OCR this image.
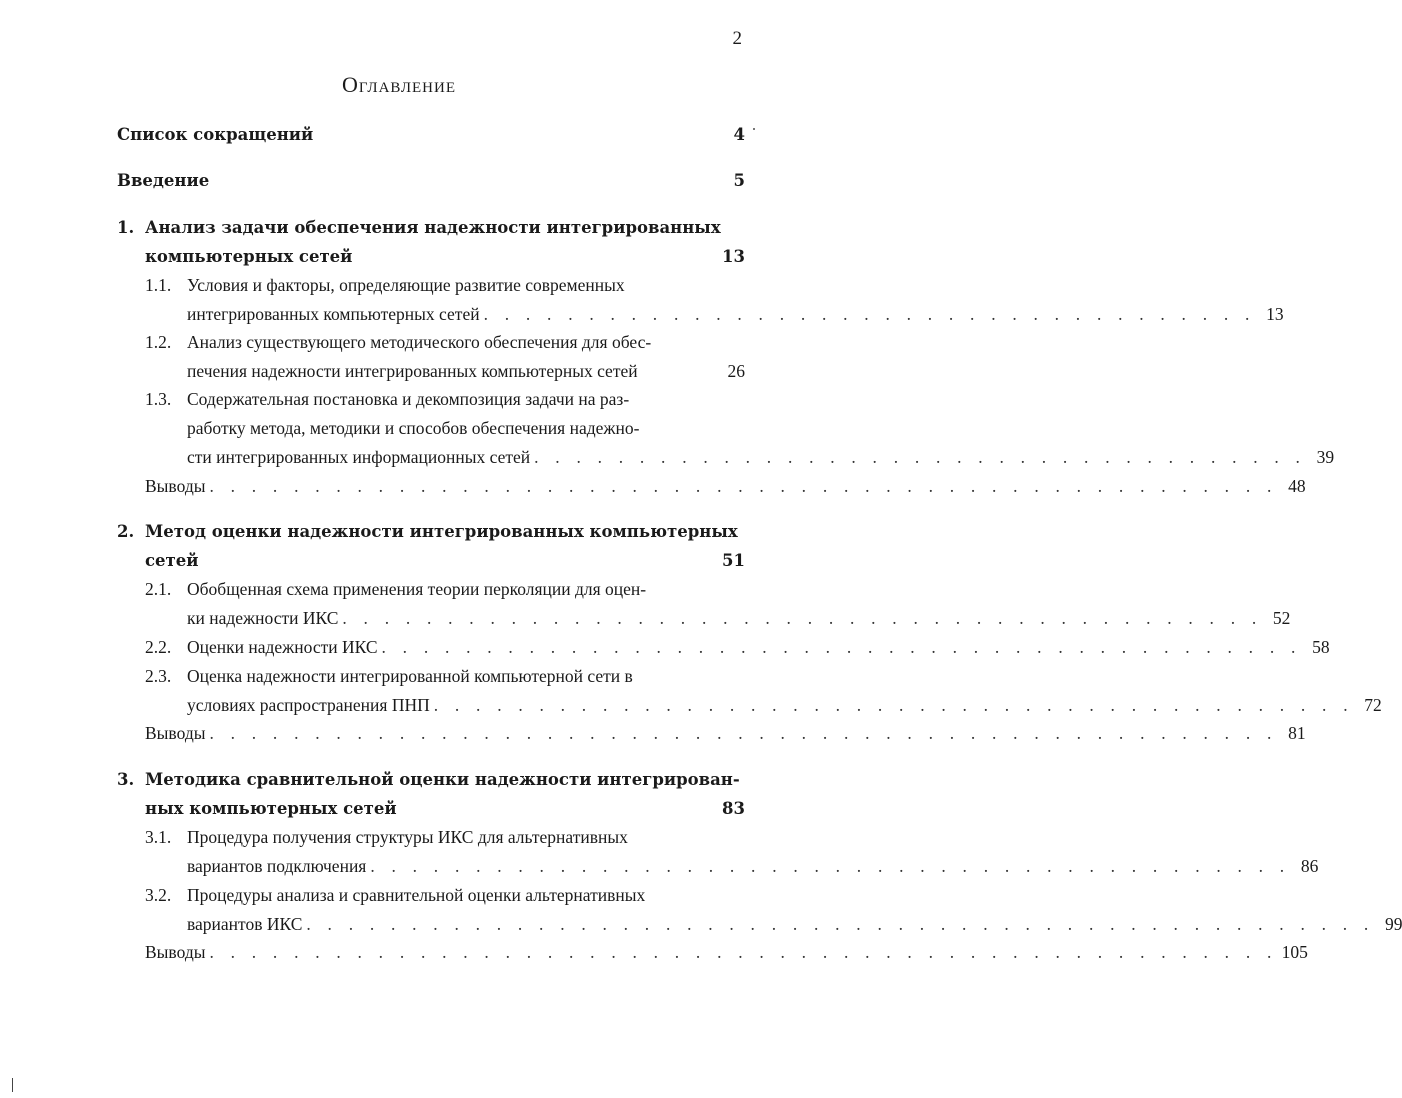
2
Оглавление
Список сокращений	4
Введение	5
1. Анализ задачи обеспечения надежности интегрированных
компьютерных сетей	13
1.1. Условия и факторы, определяющие развитие современных
интегрированных компьютерных сетей . . . . . . . . . . . . . . . . . . . . . . . . . . . . . . . . . . . . . 13
1.2. Анализ существующего методического обеспечения для обес-
печения надежности интегрированных компьютерных сетей	26
1.3. Содержательная постановка и декомпозиция задачи на раз-
работку метода, методики и способов обеспечения надежно-
сти интегрированных информационных сетей . . . . . . . . . . . . . . . . . . . . . . . . . . . . . . . . . . . . . 39
Выводы . . . . . . . . . . . . . . . . . . . . . . . . . . . . . . . . . . . . . . . . . . . . . . . . . . . 48
2. Метод оценки надежности интегрированных компьютерных
сетей	51
2.1. Обобщенная схема применения теории перколяции для оцен-
ки надежности ИКС . . . . . . . . . . . . . . . . . . . . . . . . . . . . . . . . . . . . . . . . . . . . 52
2.2. Оценки надежности ИКС . . . . . . . . . . . . . . . . . . . . . . . . . . . . . . . . . . . . . . . . . . . . 58
2.3. Оценка надежности интегрированной компьютерной сети в
условиях распространения ПНП . . . . . . . . . . . . . . . . . . . . . . . . . . . . . . . . . . . . . . . . . . . . 72
Выводы . . . . . . . . . . . . . . . . . . . . . . . . . . . . . . . . . . . . . . . . . . . . . . . . . . . 81
3. Методика сравнительной оценки надежности интегрирован-
ных компьютерных сетей	83
3.1. Процедура получения структуры ИКС для альтернативных
вариантов подключения . . . . . . . . . . . . . . . . . . . . . . . . . . . . . . . . . . . . . . . . . . . . 86
3.2. Процедуры анализа и сравнительной оценки альтернативных
вариантов ИКС . . . . . . . . . . . . . . . . . . . . . . . . . . . . . . . . . . . . . . . . . . . . . . . . . . . 99
Выводы . . . . . . . . . . . . . . . . . . . . . . . . . . . . . . . . . . . . . . . . . . . . . . . . . . . 105
